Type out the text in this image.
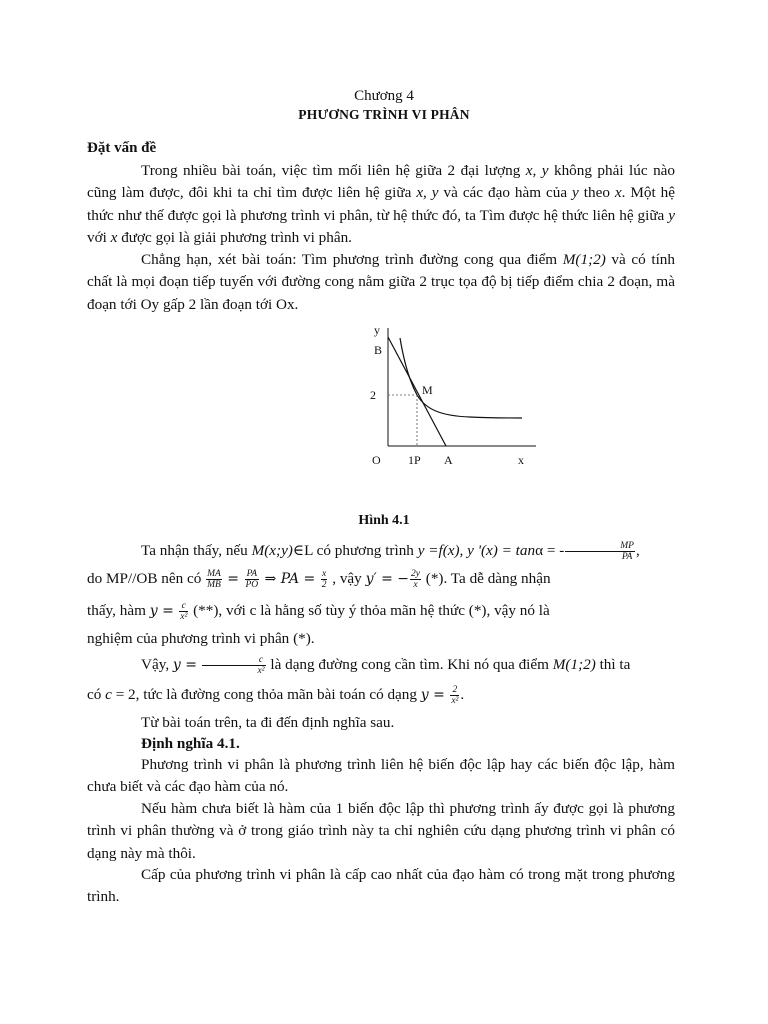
Chương 4
PHƯƠNG TRÌNH VI PHÂN
Đặt vấn đề

Trong nhiều bài toán, việc tìm mối liên hệ giữa 2 đại lượng x, y không phải lúc nào cũng làm được, đôi khi ta chỉ tìm được liên hệ giữa x, y và các đạo hàm của y theo x. Một hệ thức như thế được gọi là phương trình vi phân, từ hệ thức đó, ta Tìm được hệ thức liên hệ giữa y với x được gọi là giải phương trình vi phân.

Chẳng hạn, xét bài toán: Tìm phương trình đường cong qua điểm M(1;2) và có tính chất là mọi đoạn tiếp tuyến với đường cong nằm giữa 2 trục tọa độ bị tiếp điểm chia 2 đoạn, mà đoạn tới Oy gấp 2 lần đoạn tới Ox.

y
B
2	M
O 1P A	x
Hình 4.1

Ta nhận thấy, nếu M(x;y)∈L có phương trình y =f(x), y '(x) = tanα = - $\frac{MP}{PA}$ ,

do MP//OB nên có $\frac{MA}{MB} = \frac{PA}{PO}$ ⇒ PA = $\frac{x}{2}$ , vậy y′ = − $\frac{2y}{x}$ (*). Ta dễ dàng nhận

thấy, hàm $y = \frac{c}{\text{x²}}$ (**), với c là hằng số tùy ý thỏa mãn hệ thức (*), vậy nó là

nghiệm của phương trình vi phân (*).

Vậy, $y = \frac{c}{\text{x²}}$ là dạng đường cong cần tìm. Khi nó qua điểm M(1;2) thì ta

có c = 2, tức là đường cong thỏa mãn bài toán có dạng $y = \frac{2}{\text{x²}}$ .

Từ bài toán trên, ta đi đến định nghĩa sau.

Định nghĩa 4.1.

Phương trình vi phân là phương trình liên hệ biến độc lập hay các biến độc lập, hàm chưa biết và các đạo hàm của nó.

Nếu hàm chưa biết là hàm của 1 biến độc lập thì phương trình ấy được gọi là phương trình vi phân thường và ở trong giáo trình này ta chỉ nghiên cứu dạng phương trình vi phân có dạng này mà thôi.

Cấp của phương trình vi phân là cấp cao nhất của đạo hàm có trong mặt trong phương trình.
